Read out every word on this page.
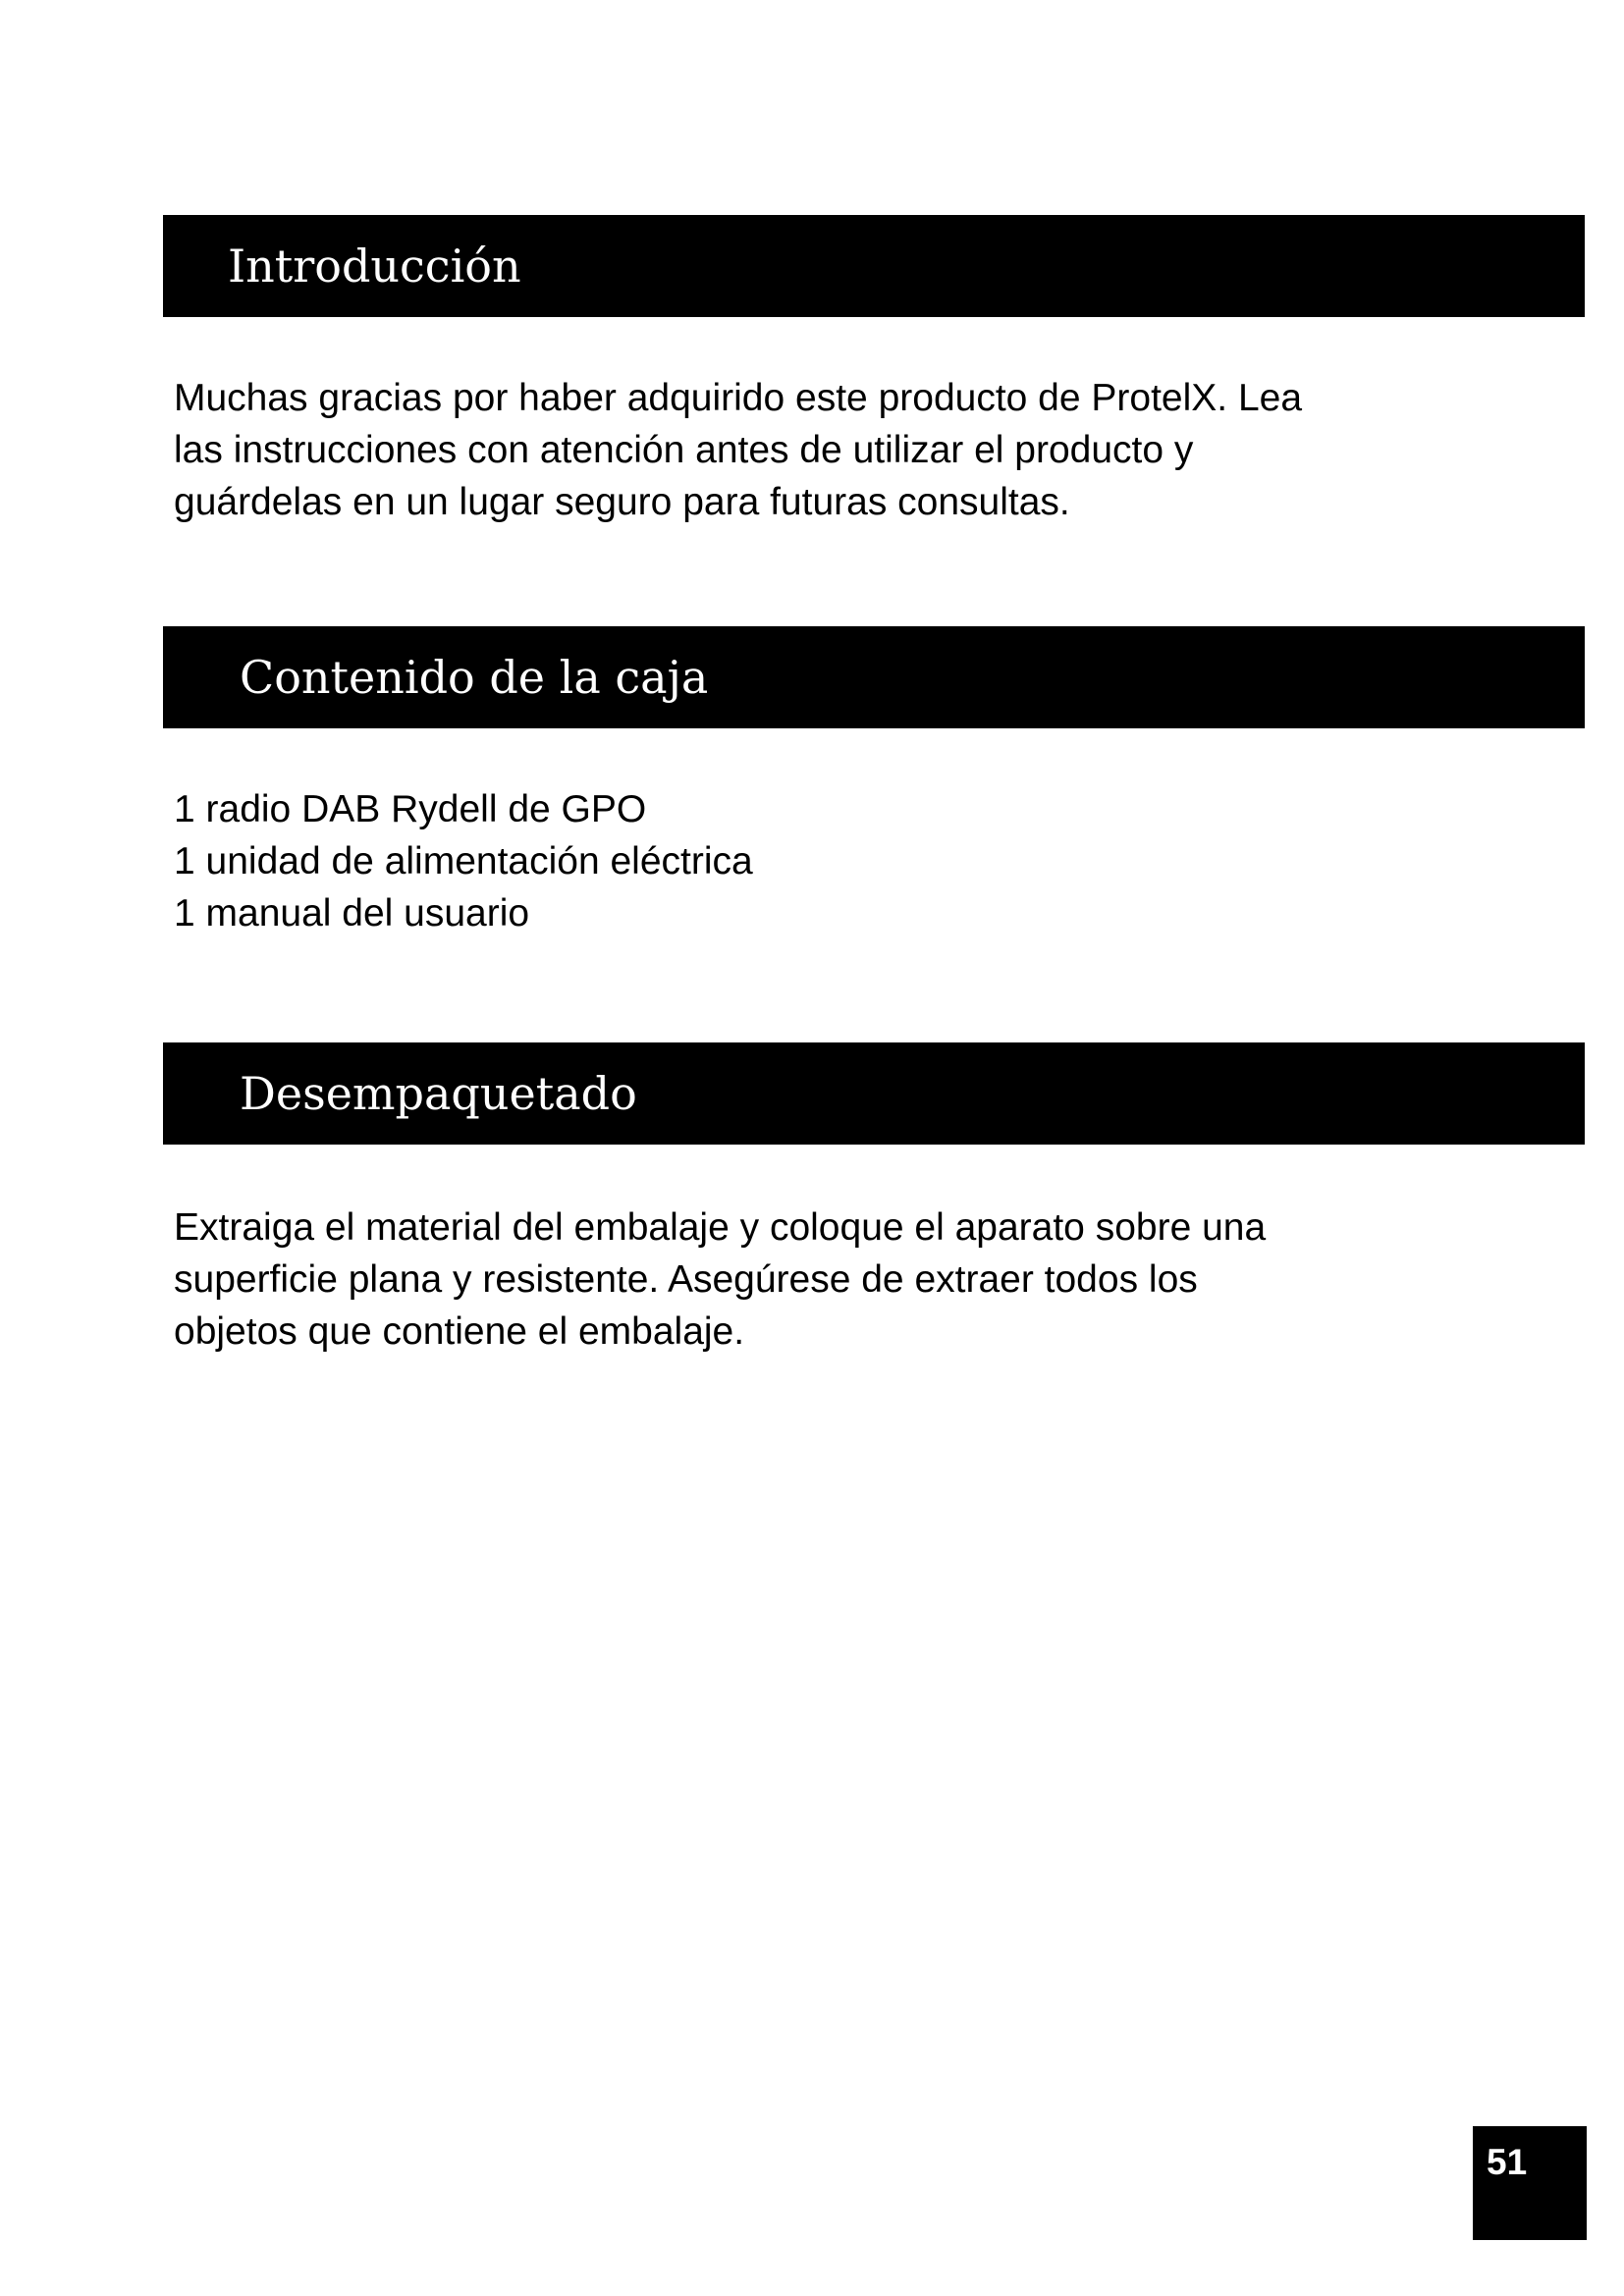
Introducción

Muchas gracias por haber adquirido este producto de ProtelX. Lea
las instrucciones con atención antes de utilizar el producto y
guárdelas en un lugar seguro para futuras consultas.

Contenido de la caja
1 radio DAB Rydell de GPO
1 unidad de alimentación eléctrica
1 manual del usuario
Desempaquetado

Extraiga el material del embalaje y coloque el aparato sobre una
superficie plana y resistente. Asegúrese de extraer todos los
objetos que contiene el embalaje.

51
